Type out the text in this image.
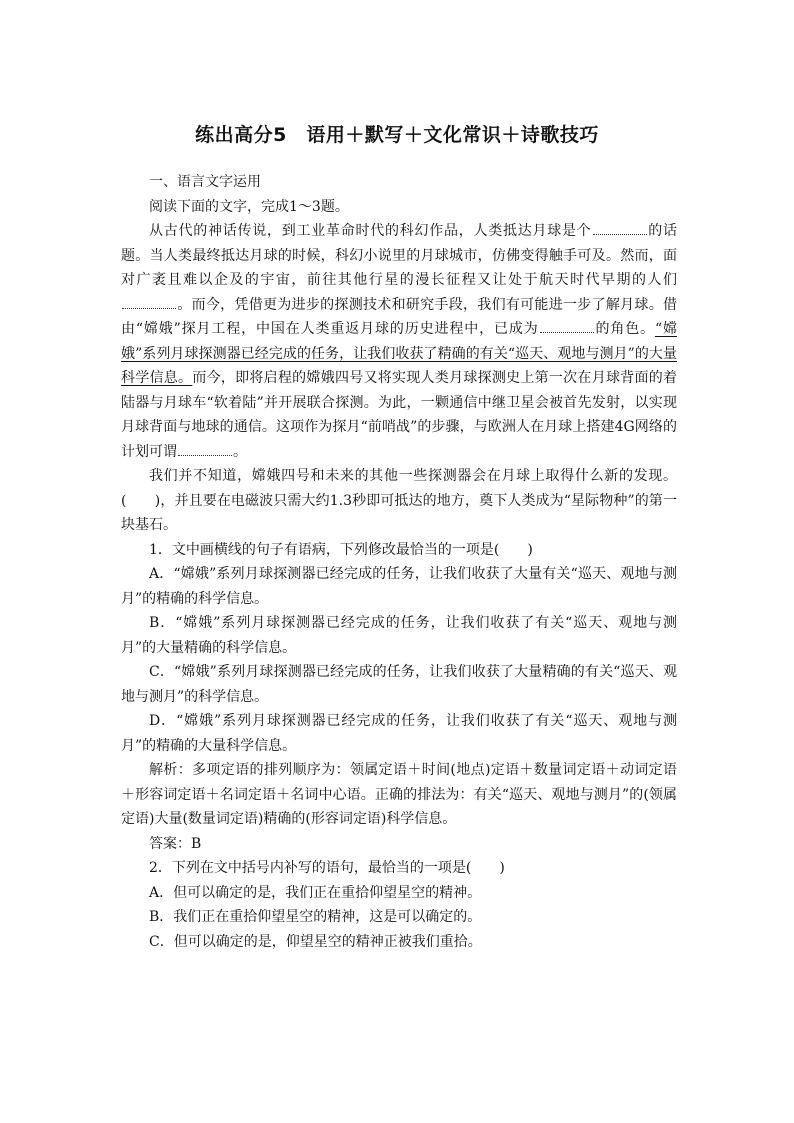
练出高分5　语用＋默写＋文化常识＋诗歌技巧

一、语言文字运用

阅读下面的文字，完成1～3题。

从古代的神话传说，到工业革命时代的科幻作品，人类抵达月球是个	的话题。当人类最终抵达月球的时候，科幻小说里的月球城市，仿佛变得触手可及。然而，面对广袤且难以企及的宇宙，前往其他行星的漫长征程又让处于航天时代早期的人们。而今，凭借更为进步的探测技术和研究手段，我们有可能进一步了解月球。借由“嫦娥”探月工程，中国在人类重返月球的历史进程中，已成为	的角色。“嫦娥”系列月球探测器已经完成的任务，让我们收获了精确的有关“巡天、观地与测月”的大量科学信息。而今，即将启程的嫦娥四号又将实现人类月球探测史上第一次在月球背面的着陆器与月球车“软着陆”并开展联合探测。为此，一颗通信中继卫星会被首先发射，以实现月球背面与地球的通信。这项作为探月“前哨战”的步骤，与欧洲人在月球上搭建4G网络的计划可谓	。

我们并不知道，嫦娥四号和未来的其他一些探测器会在月球上取得什么新的发现。(　　)，并且要在电磁波只需大约1.3秒即可抵达的地方，奠下人类成为“星际物种”的第一块基石。

1．文中画横线的句子有语病，下列修改最恰当的一项是(　　)

A．“嫦娥”系列月球探测器已经完成的任务，让我们收获了大量有关“巡天、观地与测月”的精确的科学信息。

B．“嫦娥”系列月球探测器已经完成的任务，让我们收获了有关“巡天、观地与测月”的大量精确的科学信息。

C．“嫦娥”系列月球探测器已经完成的任务，让我们收获了大量精确的有关“巡天、观地与测月”的科学信息。

D．“嫦娥”系列月球探测器已经完成的任务，让我们收获了有关“巡天、观地与测月”的精确的大量科学信息。

解析：多项定语的排列顺序为：领属定语＋时间(地点)定语＋数量词定语＋动词定语＋形容词定语＋名词定语＋名词中心语。正确的排法为：有关“巡天、观地与测月”的(领属定语)大量(数量词定语)精确的(形容词定语)科学信息。

答案：B

2．下列在文中括号内补写的语句，最恰当的一项是(　　)

A．但可以确定的是，我们正在重拾仰望星空的精神。

B．我们正在重拾仰望星空的精神，这是可以确定的。

C．但可以确定的是，仰望星空的精神正被我们重拾。
